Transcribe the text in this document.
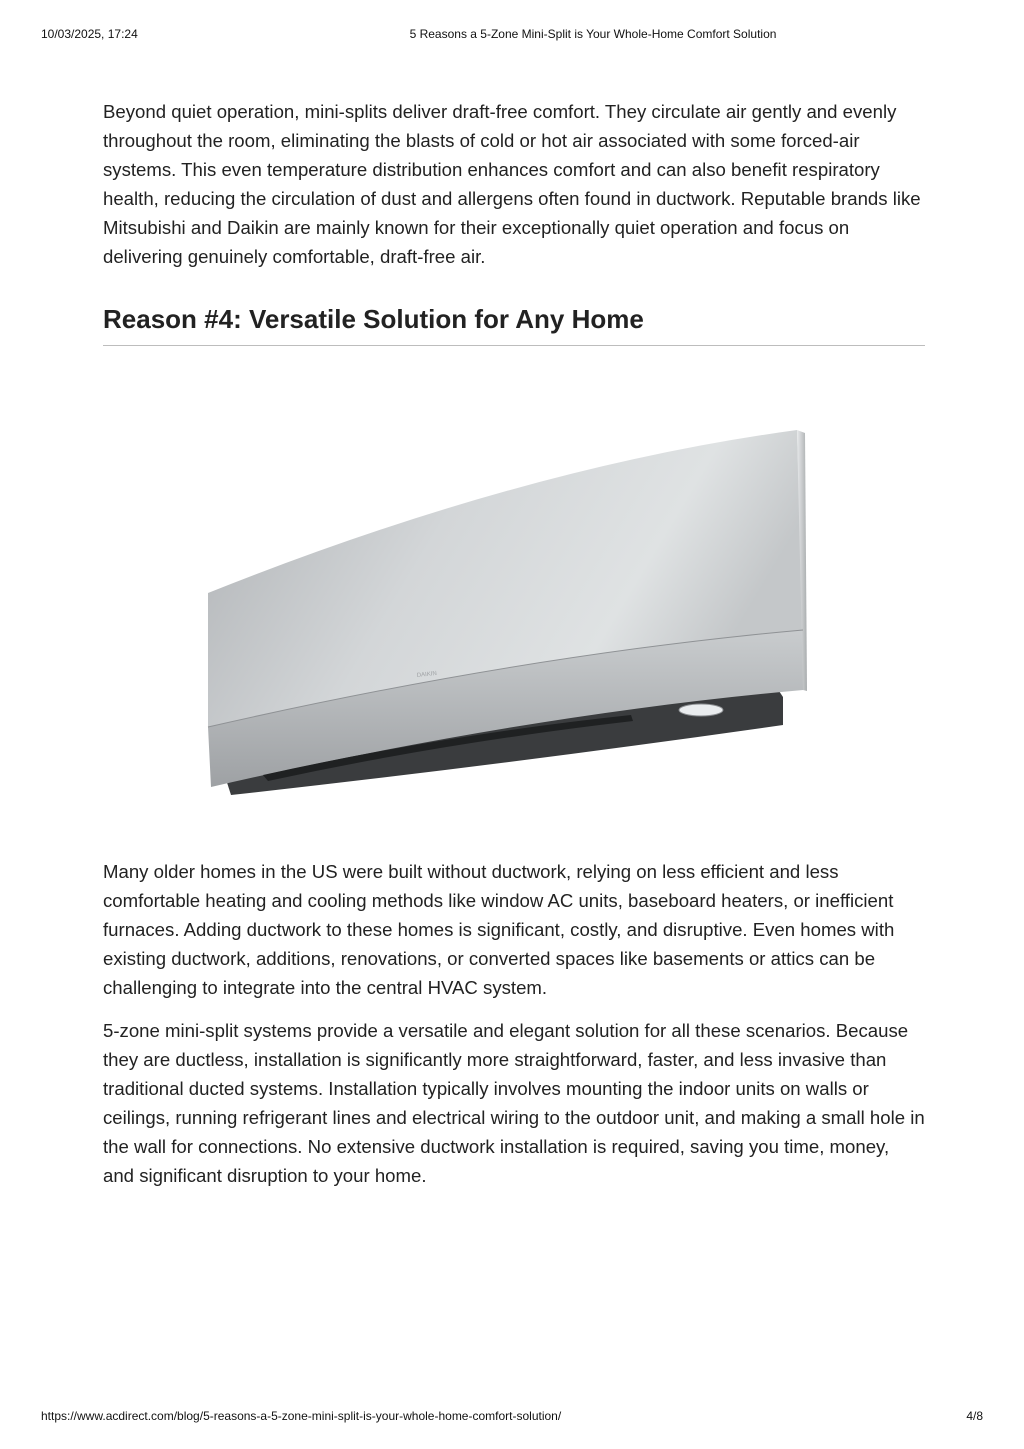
10/03/2025, 17:24	5 Reasons a 5-Zone Mini-Split is Your Whole-Home Comfort Solution

Beyond quiet operation, mini-splits deliver draft-free comfort. They circulate air gently and evenly throughout the room, eliminating the blasts of cold or hot air associated with some forced-air systems. This even temperature distribution enhances comfort and can also benefit respiratory health, reducing the circulation of dust and allergens often found in ductwork. Reputable brands like Mitsubishi and Daikin are mainly known for their exceptionally quiet operation and focus on delivering genuinely comfortable, draft-free air.

Reason #4: Versatile Solution for Any Home
DAIKIN

Many older homes in the US were built without ductwork, relying on less efficient and less comfortable heating and cooling methods like window AC units, baseboard heaters, or inefficient furnaces. Adding ductwork to these homes is significant, costly, and disruptive. Even homes with existing ductwork, additions, renovations, or converted spaces like basements or attics can be challenging to integrate into the central HVAC system.

5-zone mini-split systems provide a versatile and elegant solution for all these scenarios. Because they are ductless, installation is significantly more straightforward, faster, and less invasive than traditional ducted systems. Installation typically involves mounting the indoor units on walls or ceilings, running refrigerant lines and electrical wiring to the outdoor unit, and making a small hole in the wall for connections. No extensive ductwork installation is required, saving you time, money, and significant disruption to your home.

https://www.acdirect.com/blog/5-reasons-a-5-zone-mini-split-is-your-whole-home-comfort-solution/	4/8
